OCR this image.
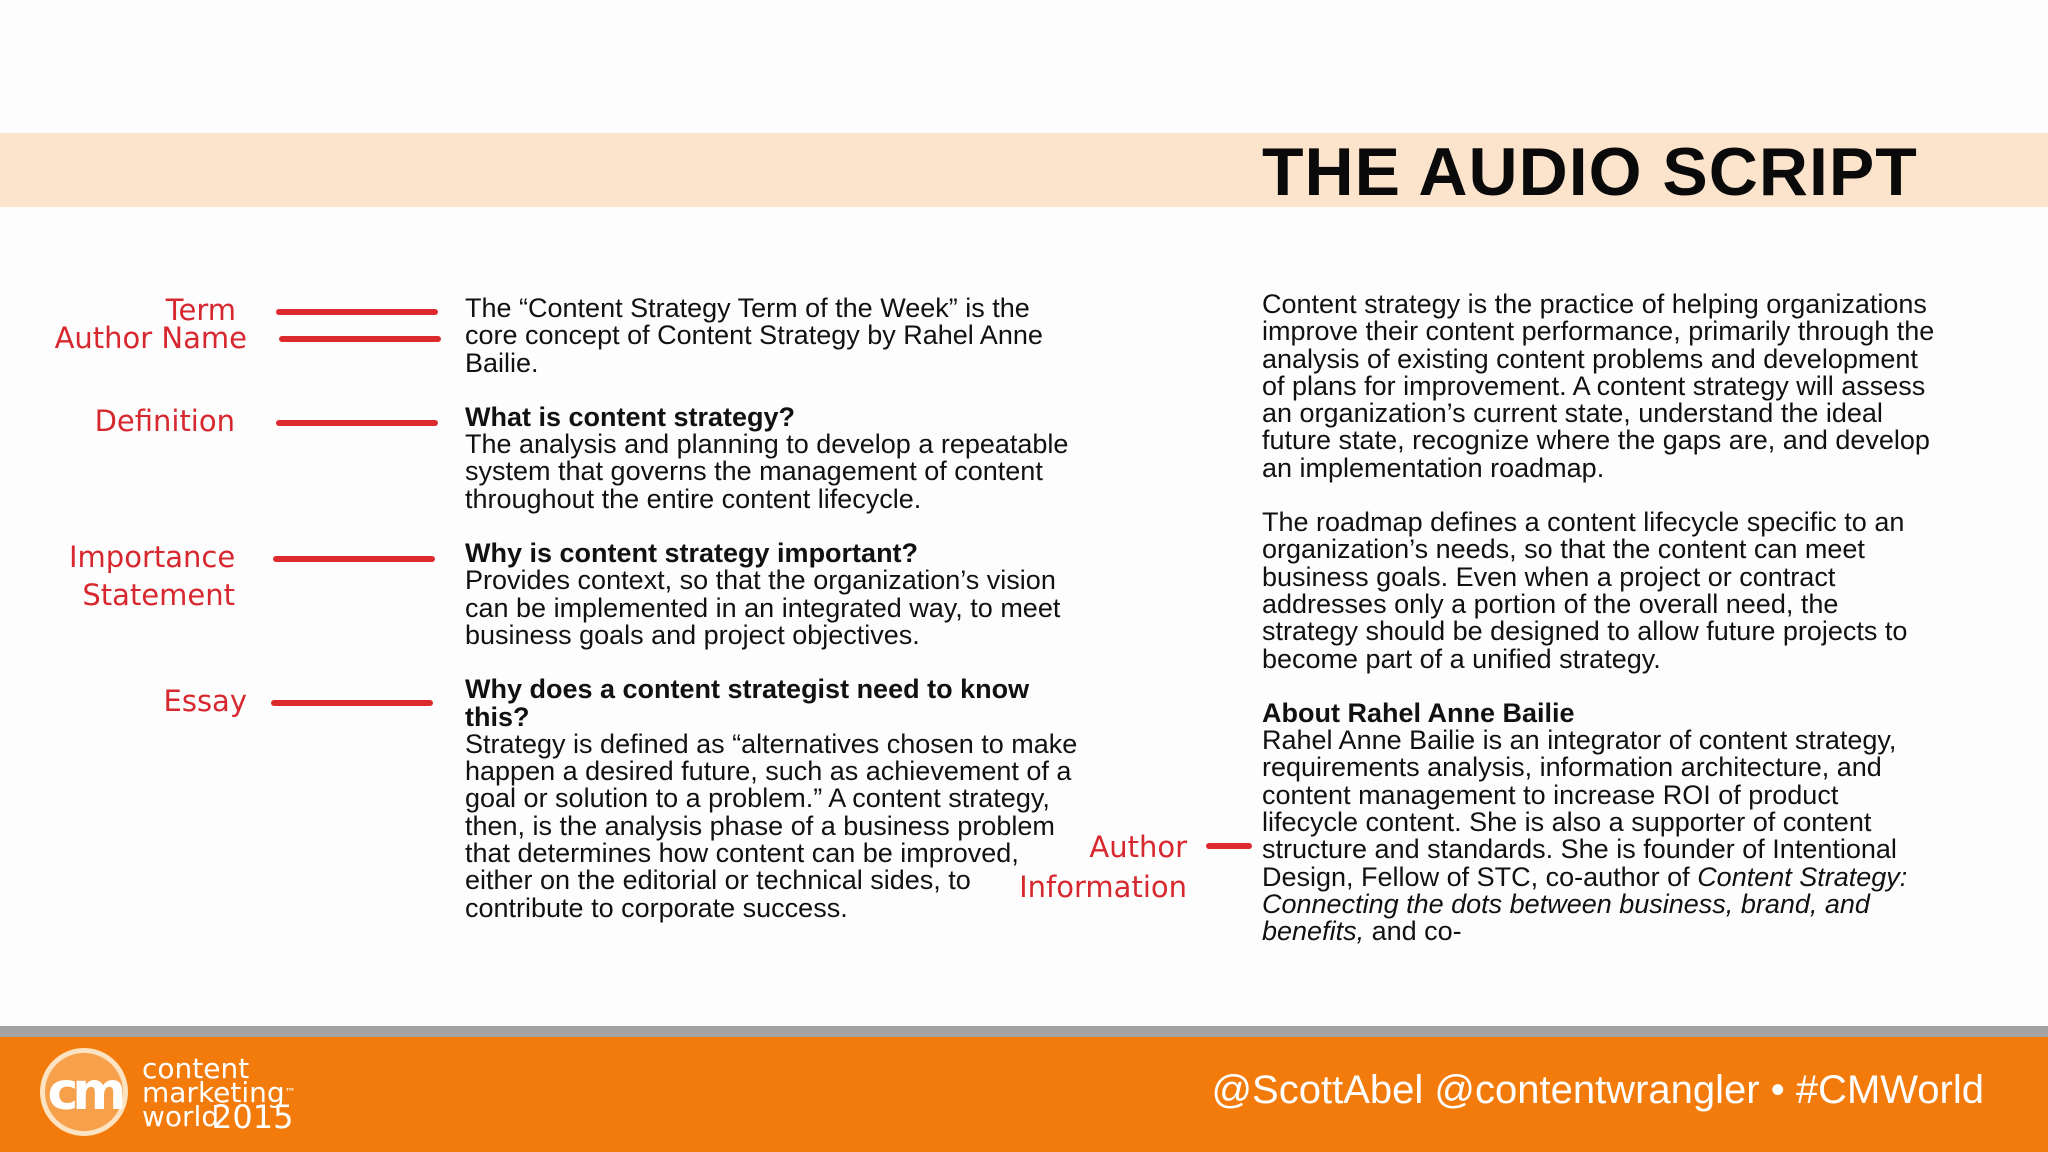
THE AUDIO SCRIPT
Term
Author Name
Definition
Importance
Statement
Essay
Author
Information

The “Content Strategy Term of the Week” is the core concept of Content Strategy by Rahel Anne Bailie.

What is content strategy?
The analysis and planning to develop a repeatable system that governs the management of content throughout the entire content lifecycle.

Why is content strategy important?
Provides context, so that the organization’s vision can be implemented in an integrated way, to meet business goals and project objectives.

Why does a content strategist need to know this?
Strategy is defined as “alternatives chosen to make happen a desired future, such as achievement of a goal or solution to a problem.” A content strategy, then, is the analysis phase of a business problem that determines how content can be improved, either on the editorial or technical sides, to contribute to corporate success.

Content strategy is the practice of helping organizations improve their content performance, primarily through the analysis of existing content problems and development of plans for improvement. A content strategy will assess an organization’s current state, understand the ideal future state, recognize where the gaps are, and develop an implementation roadmap.

The roadmap defines a content lifecycle specific to an organization’s needs, so that the content can meet business goals. Even when a project or contract addresses only a portion of the overall need, the strategy should be designed to allow future projects to become part of a unified strategy.

About Rahel Anne Bailie
Rahel Anne Bailie is an integrator of content strategy, requirements analysis, information architecture, and content management to increase ROI of product lifecycle content. She is also a supporter of content structure and standards. She is founder of Intentional Design, Fellow of STC, co-author of Content Strategy: Connecting the dots between business, brand, and benefits, and co-

cm content
marketing™
world
2015
@ScottAbel @contentwrangler • #CMWorld
